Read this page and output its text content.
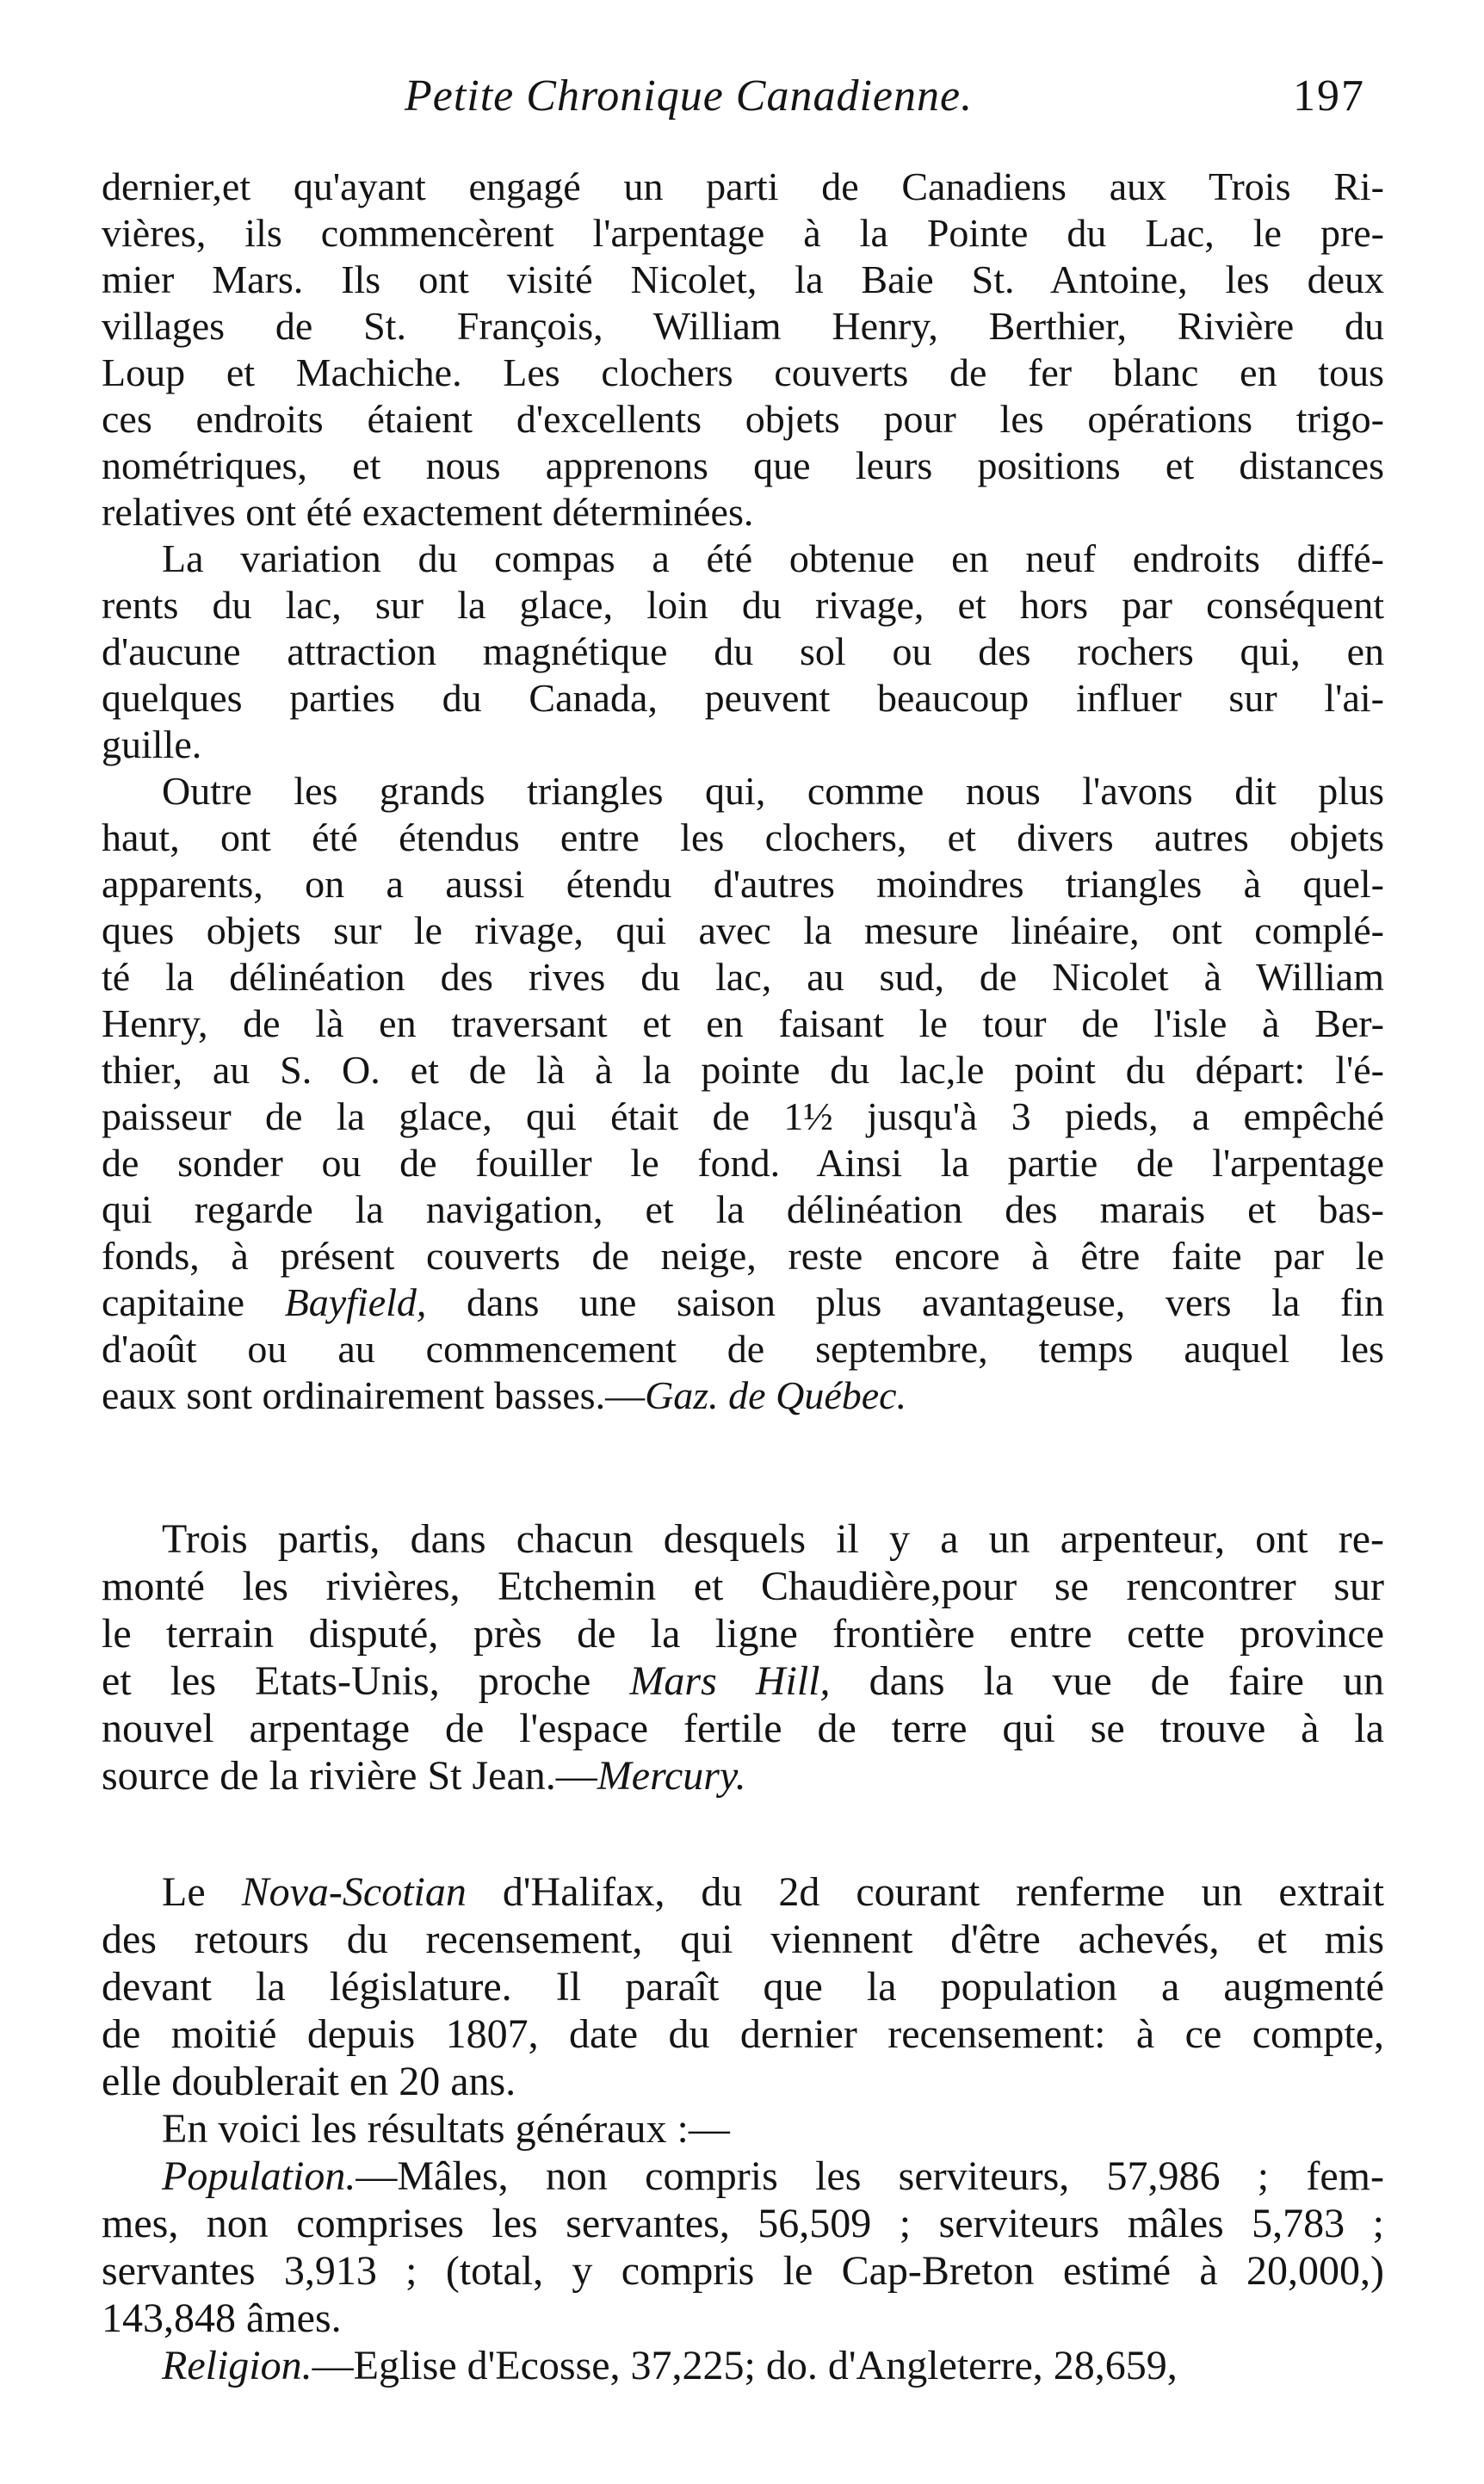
Petite Chronique Canadienne.	197
dernier,et qu'ayant engagé un parti de Canadiens aux Trois Ri-
vières, ils commencèrent l'arpentage à la Pointe du Lac, le pre-
mier Mars. Ils ont visité Nicolet, la Baie St. Antoine, les deux
villages de St. François, William Henry, Berthier, Rivière du
Loup et Machiche. Les clochers couverts de fer blanc en tous
ces endroits étaient d'excellents objets pour les opérations trigo-
nométriques, et nous apprenons que leurs positions et distances
relatives ont été exactement déterminées.
La variation du compas a été obtenue en neuf endroits diffé-
rents du lac, sur la glace, loin du rivage, et hors par conséquent
d'aucune attraction magnétique du sol ou des rochers qui, en
quelques parties du Canada, peuvent beaucoup influer sur l'ai-
guille.
Outre les grands triangles qui, comme nous l'avons dit plus
haut, ont été étendus entre les clochers, et divers autres objets
apparents, on a aussi étendu d'autres moindres triangles à quel-
ques objets sur le rivage, qui avec la mesure linéaire, ont complé-
té la délinéation des rives du lac, au sud, de Nicolet à William
Henry, de là en traversant et en faisant le tour de l'isle à Ber-
thier, au S. O. et de là à la pointe du lac,le point du départ: l'é-
paisseur de la glace, qui était de 1½ jusqu'à 3 pieds, a empêché
de sonder ou de fouiller le fond. Ainsi la partie de l'arpentage
qui regarde la navigation, et la délinéation des marais et bas-
fonds, à présent couverts de neige, reste encore à être faite par le
capitaine Bayfield, dans une saison plus avantageuse, vers la fin
d'août ou au commencement de septembre, temps auquel les
eaux sont ordinairement basses.—Gaz. de Québec.
Trois partis, dans chacun desquels il y a un arpenteur, ont re-
monté les rivières, Etchemin et Chaudière,pour se rencontrer sur
le terrain disputé, près de la ligne frontière entre cette province
et les Etats-Unis, proche Mars Hill, dans la vue de faire un
nouvel arpentage de l'espace fertile de terre qui se trouve à la
source de la rivière St Jean.—Mercury.
Le Nova-Scotian d'Halifax, du 2d courant renferme un extrait
des retours du recensement, qui viennent d'être achevés, et mis
devant la législature. Il paraît que la population a augmenté
de moitié depuis 1807, date du dernier recensement: à ce compte,
elle doublerait en 20 ans.
En voici les résultats généraux :—
Population.—Mâles, non compris les serviteurs, 57,986 ; fem-
mes, non comprises les servantes, 56,509 ; serviteurs mâles 5,783 ;
servantes 3,913 ; (total, y compris le Cap-Breton estimé à 20,000,)
143,848 âmes.
Religion.—Eglise d'Ecosse, 37,225; do. d'Angleterre, 28,659,
